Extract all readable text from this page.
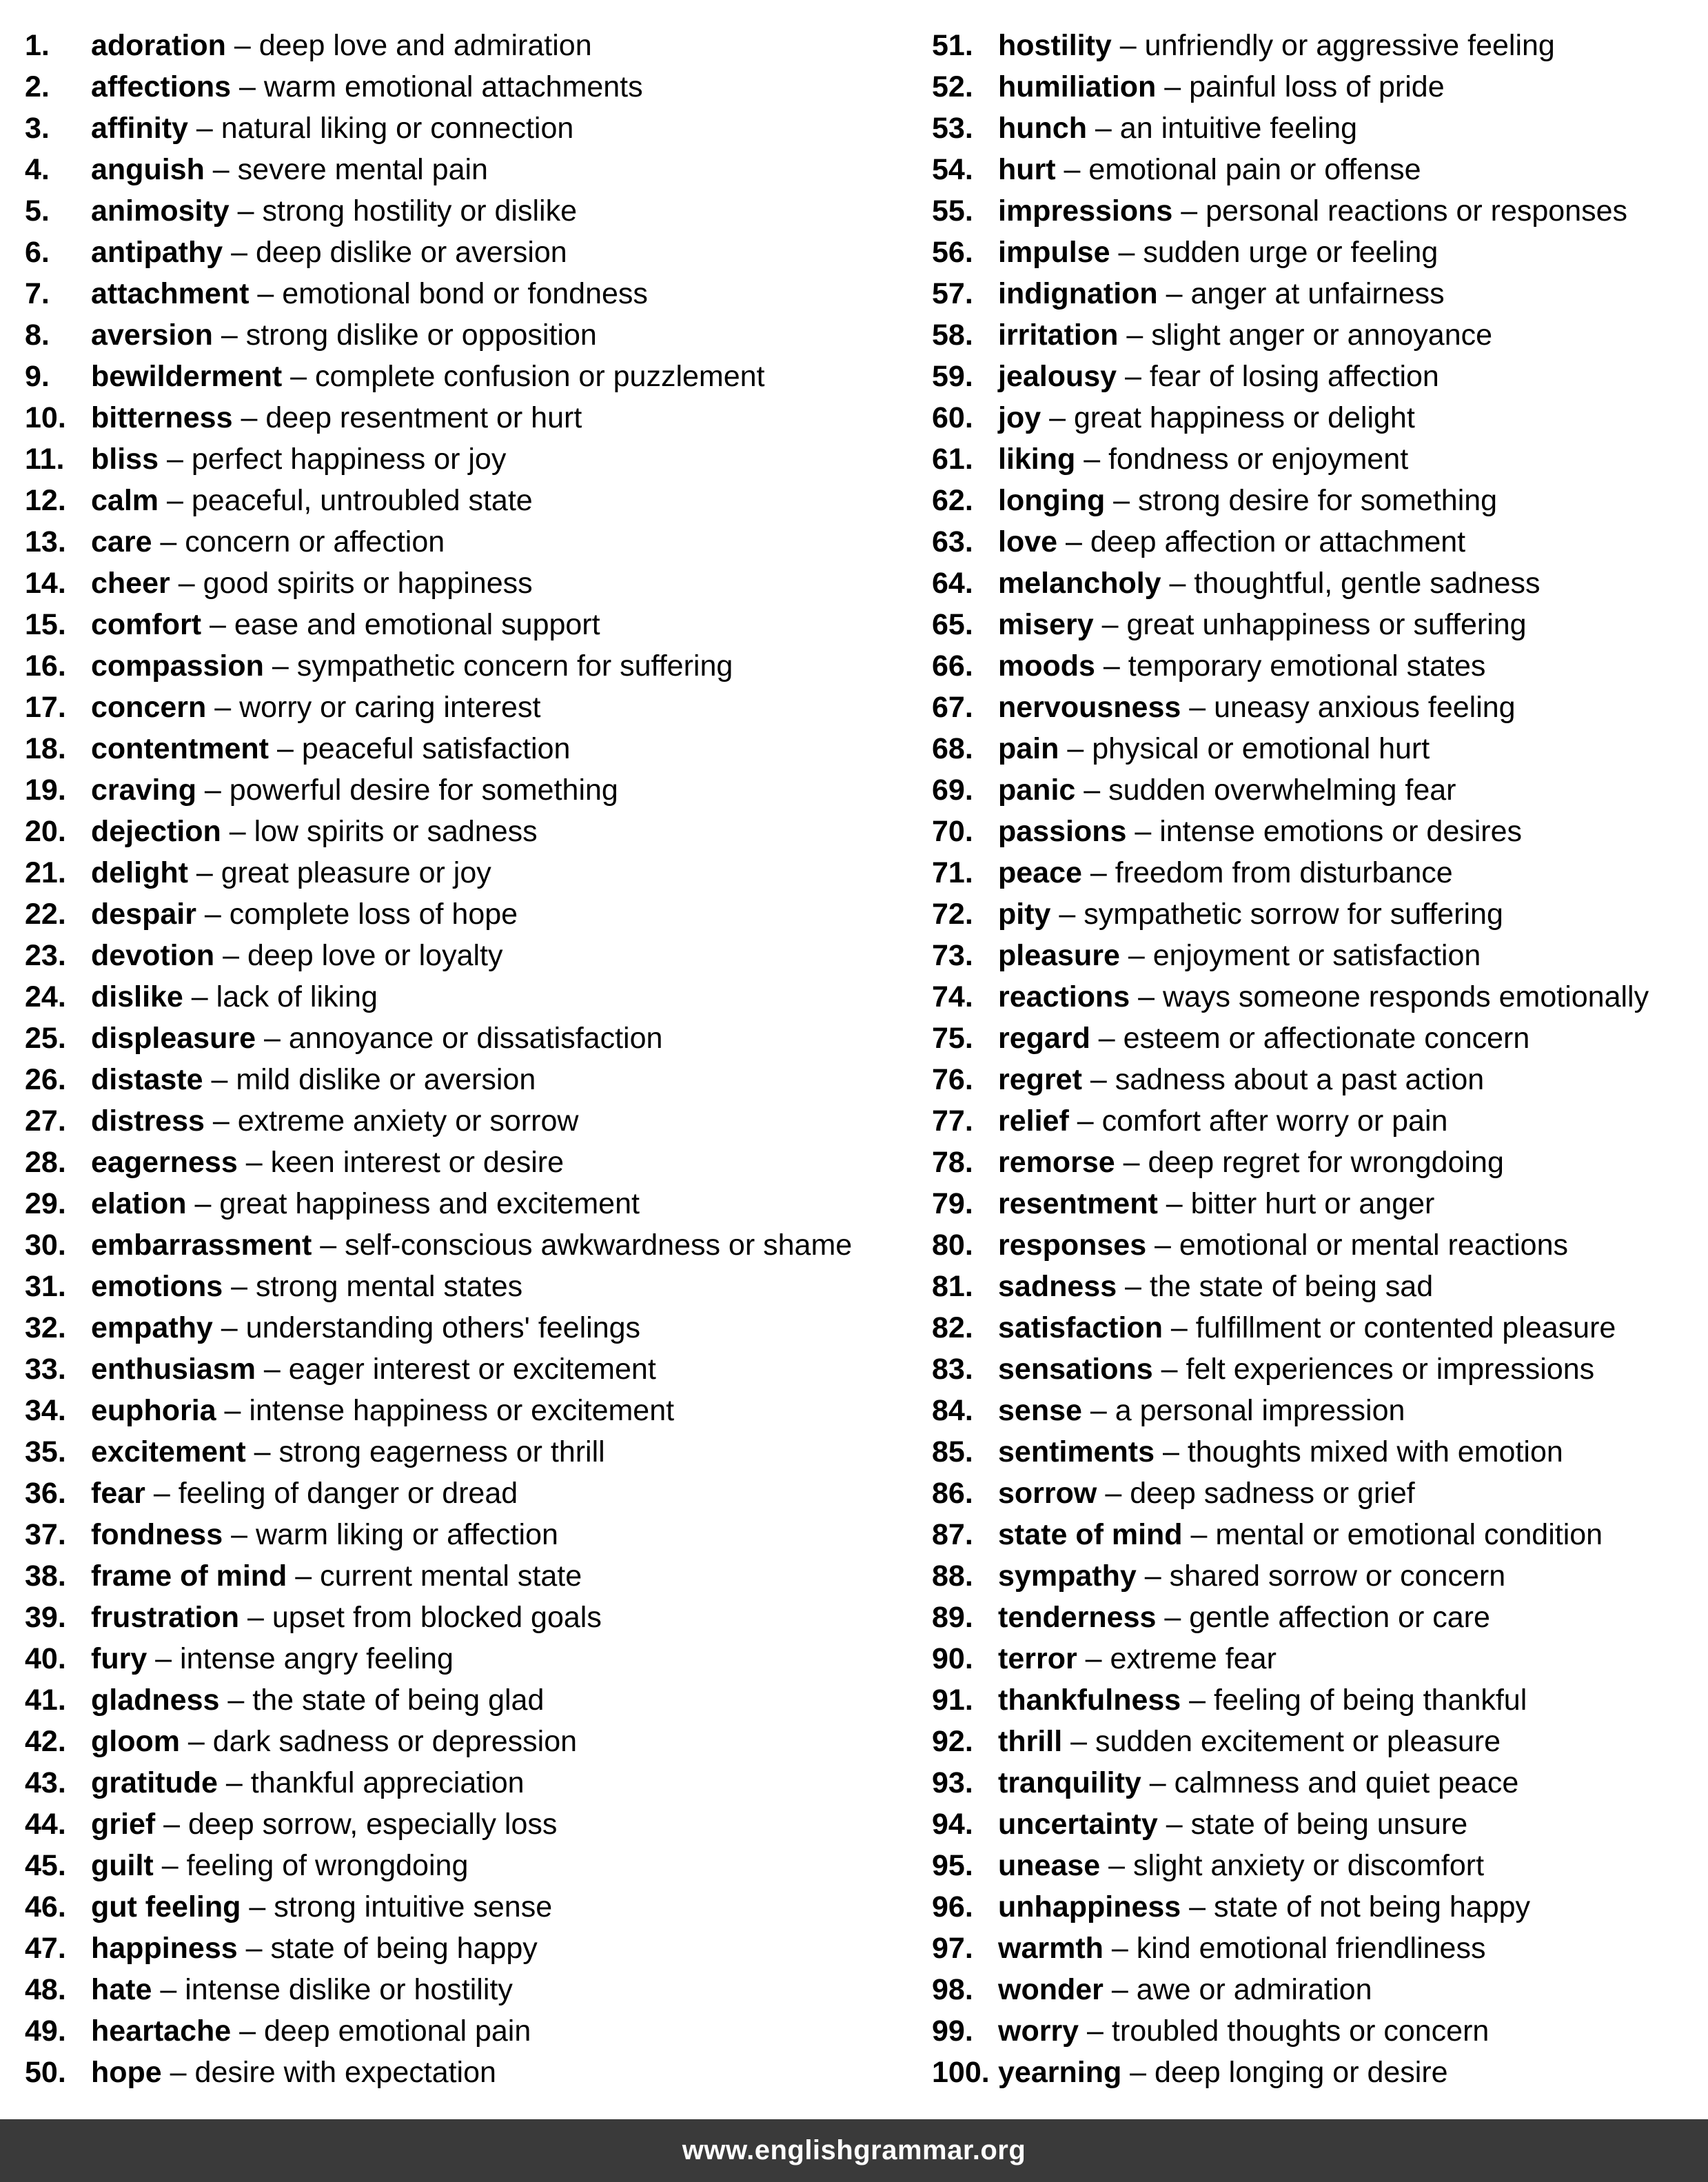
1.	adoration – deep love and admiration
2.	affections – warm emotional attachments
3.	affinity – natural liking or connection
4.	anguish – severe mental pain
5.	animosity – strong hostility or dislike
6.	antipathy – deep dislike or aversion
7.	attachment – emotional bond or fondness
8.	aversion – strong dislike or opposition
9.	bewilderment – complete confusion or puzzlement
10. bitterness – deep resentment or hurt
11. bliss – perfect happiness or joy
12. calm – peaceful, untroubled state
13. care – concern or affection
14. cheer – good spirits or happiness
15. comfort – ease and emotional support
16. compassion – sympathetic concern for suffering
17. concern – worry or caring interest
18. contentment – peaceful satisfaction
19. craving – powerful desire for something
20. dejection – low spirits or sadness
21. delight – great pleasure or joy
22. despair – complete loss of hope
23. devotion – deep love or loyalty
24. dislike – lack of liking
25. displeasure – annoyance or dissatisfaction
26. distaste – mild dislike or aversion
27. distress – extreme anxiety or sorrow
28. eagerness – keen interest or desire
29. elation – great happiness and excitement
30. embarrassment – self-conscious awkwardness or shame
31. emotions – strong mental states
32. empathy – understanding others' feelings
33. enthusiasm – eager interest or excitement
34. euphoria – intense happiness or excitement
35. excitement – strong eagerness or thrill
36. fear – feeling of danger or dread
37. fondness – warm liking or affection
38. frame of mind – current mental state
39. frustration – upset from blocked goals
40. fury – intense angry feeling
41. gladness – the state of being glad
42. gloom – dark sadness or depression
43. gratitude – thankful appreciation
44. grief – deep sorrow, especially loss
45. guilt – feeling of wrongdoing
46. gut feeling – strong intuitive sense
47. happiness – state of being happy
48. hate – intense dislike or hostility
49. heartache – deep emotional pain
50. hope – desire with expectation
51. hostility – unfriendly or aggressive feeling
52. humiliation – painful loss of pride
53. hunch – an intuitive feeling
54. hurt – emotional pain or offense
55. impressions – personal reactions or responses
56. impulse – sudden urge or feeling
57. indignation – anger at unfairness
58. irritation – slight anger or annoyance
59. jealousy – fear of losing affection
60. joy – great happiness or delight
61. liking – fondness or enjoyment
62. longing – strong desire for something
63. love – deep affection or attachment
64. melancholy – thoughtful, gentle sadness
65. misery – great unhappiness or suffering
66. moods – temporary emotional states
67. nervousness – uneasy anxious feeling
68. pain – physical or emotional hurt
69. panic – sudden overwhelming fear
70. passions – intense emotions or desires
71. peace – freedom from disturbance
72. pity – sympathetic sorrow for suffering
73. pleasure – enjoyment or satisfaction
74. reactions – ways someone responds emotionally
75. regard – esteem or affectionate concern
76. regret – sadness about a past action
77. relief – comfort after worry or pain
78. remorse – deep regret for wrongdoing
79. resentment – bitter hurt or anger
80. responses – emotional or mental reactions
81. sadness – the state of being sad
82. satisfaction – fulfillment or contented pleasure
83. sensations – felt experiences or impressions
84. sense – a personal impression
85. sentiments – thoughts mixed with emotion
86. sorrow – deep sadness or grief
87. state of mind – mental or emotional condition
88. sympathy – shared sorrow or concern
89. tenderness – gentle affection or care
90. terror – extreme fear
91. thankfulness – feeling of being thankful
92. thrill – sudden excitement or pleasure
93. tranquility – calmness and quiet peace
94. uncertainty – state of being unsure
95. unease – slight anxiety or discomfort
96. unhappiness – state of not being happy
97. warmth – kind emotional friendliness
98. wonder – awe or admiration
99. worry – troubled thoughts or concern
100. yearning – deep longing or desire
www.englishgrammar.org
